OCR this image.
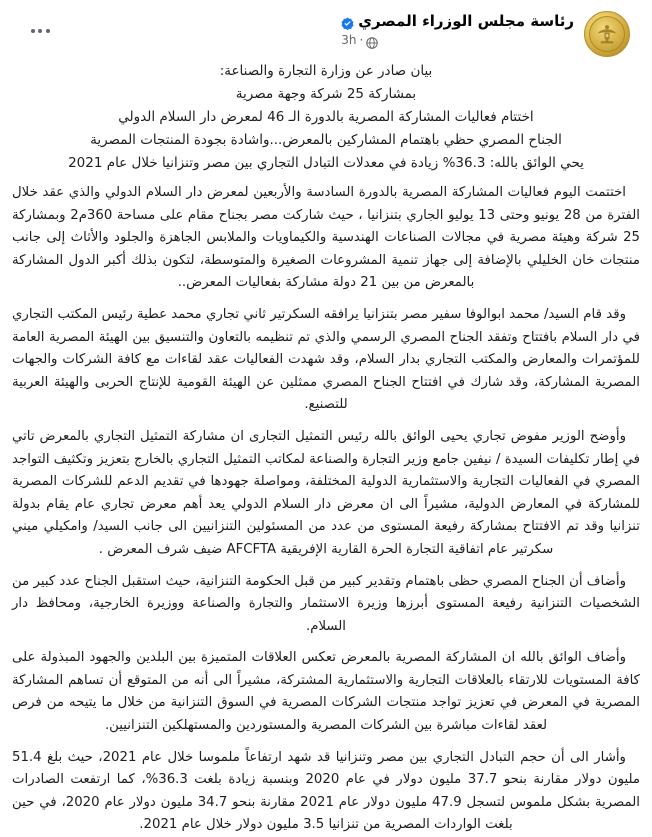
رئاسة مجلس الوزراء المصري
3h ·

بيان صادر عن وزارة التجارة والصناعة:

بمشاركة 25 شركة وجهة مصرية

اختتام فعاليات المشاركة المصرية بالدورة الـ 46 لمعرض دار السلام الدولي

الجناح المصري حظي باهتمام المشاركين بالمعرض...واشادة بجودة المنتجات المصرية

يحي الوائق بالله: 36.3% زيادة في معدلات التبادل التجاري بين مصر وتنزانيا خلال عام 2021

اختتمت اليوم فعاليات المشاركة المصرية بالدورة السادسة والأربعين لمعرض دار السلام الدولي والذي عقد خلال الفترة من 28 يونيو وحتى 13 يوليو الجاري بتنزانيا ، حيث شاركت مصر بجناح مقام على مساحة 360م2 وبمشاركة 25 شركة وهيئة مصرية في مجالات الصناعات الهندسية والكيماويات والملابس الجاهزة والجلود والأثاث إلى جانب منتجات خان الخليلي بالإضافة إلى جهاز تنمية المشروعات الصغيرة والمتوسطة، لتكون بذلك أكبر الدول المشاركة بالمعرض من بين 21 دولة مشاركة بفعاليات المعرض..

وقد قام السيد/ محمد ابوالوفا سفير مصر بتنزانيا يرافقه السكرتير ثاني تجاري محمد عطية رئيس المكتب التجاري في دار السلام بافتتاح وتفقد الجناح المصري الرسمي والذي تم تنظيمه بالتعاون والتنسيق بين الهيئة المصرية العامة للمؤتمرات والمعارض والمكتب التجاري بدار السلام، وقد شهدت الفعاليات عقد لقاءات مع كافة الشركات والجهات المصرية المشاركة، وقد شارك في افتتاح الجناح المصري ممثلين عن الهيئة القومية للإنتاج الحربى والهيئة العربية للتصنيع.

وأوضح الوزير مفوض تجاري يحيى الوائق بالله رئيس التمثيل التجارى ان مشاركة التمثيل التجاري بالمعرض تاتي في إطار تكليفات السيدة / نيفين جامع وزير التجارة والصناعة لمكاتب التمثيل التجاري بالخارج بتعزيز وتكثيف التواجد المصري في الفعاليات التجارية والاستثمارية الدولية المختلفة، ومواصلة جهودها في تقديم الدعم للشركات المصرية للمشاركة في المعارض الدولية، مشيراً الى ان معرض دار السلام الدولي يعد أهم معرض تجاري عام يقام بدولة تنزانيا وقد تم الافتتاح بمشاركة رفيعة المستوى من عدد من المسئولين التنزانيين الى جانب السيد/ وامكيلي ميني سكرتير عام اتفاقية التجارة الحرة القارية الإفريقية AFCFTA ضيف شرف المعرض .

وأضاف أن الجناح المصري حظى باهتمام وتقدير كبير من قبل الحكومة التنزانية، حيث استقبل الجناح عدد كبير من الشخصيات التنزانية رفيعة المستوى أبرزها وزيرة الاستثمار والتجارة والصناعة ووزيرة الخارجية، ومحافظ دار السلام.

وأضاف الوائق بالله ان المشاركة المصرية بالمعرض تعكس العلاقات المتميزة بين البلدين والجهود المبذولة على كافة المستويات للارتقاء بالعلاقات التجارية والاستثمارية المشتركة، مشيراً الى أنه من المتوقع أن تساهم المشاركة المصرية في المعرض في تعزيز تواجد منتجات الشركات المصرية في السوق التنزانية من خلال ما يتيحه من فرص لعقد لقاءات مباشرة بين الشركات المصرية والمستوردين والمستهلكين التنزانيين.

وأشار الى أن حجم التبادل التجاري بين مصر وتنزانيا قد شهد ارتفاعاً ملموسا خلال عام 2021، حيث بلغ 51.4 مليون دولار مقارنة بنحو 37.7 مليون دولار في عام 2020 وبنسبة زيادة بلغت 36.3%، كما ارتفعت الصادرات المصرية بشكل ملموس لتسجل 47.9 مليون دولار عام 2021 مقارنة بنحو 34.7 مليون دولار عام 2020، في حين بلغت الواردات المصرية من تنزانيا 3.5 مليون دولار خلال عام 2021.
